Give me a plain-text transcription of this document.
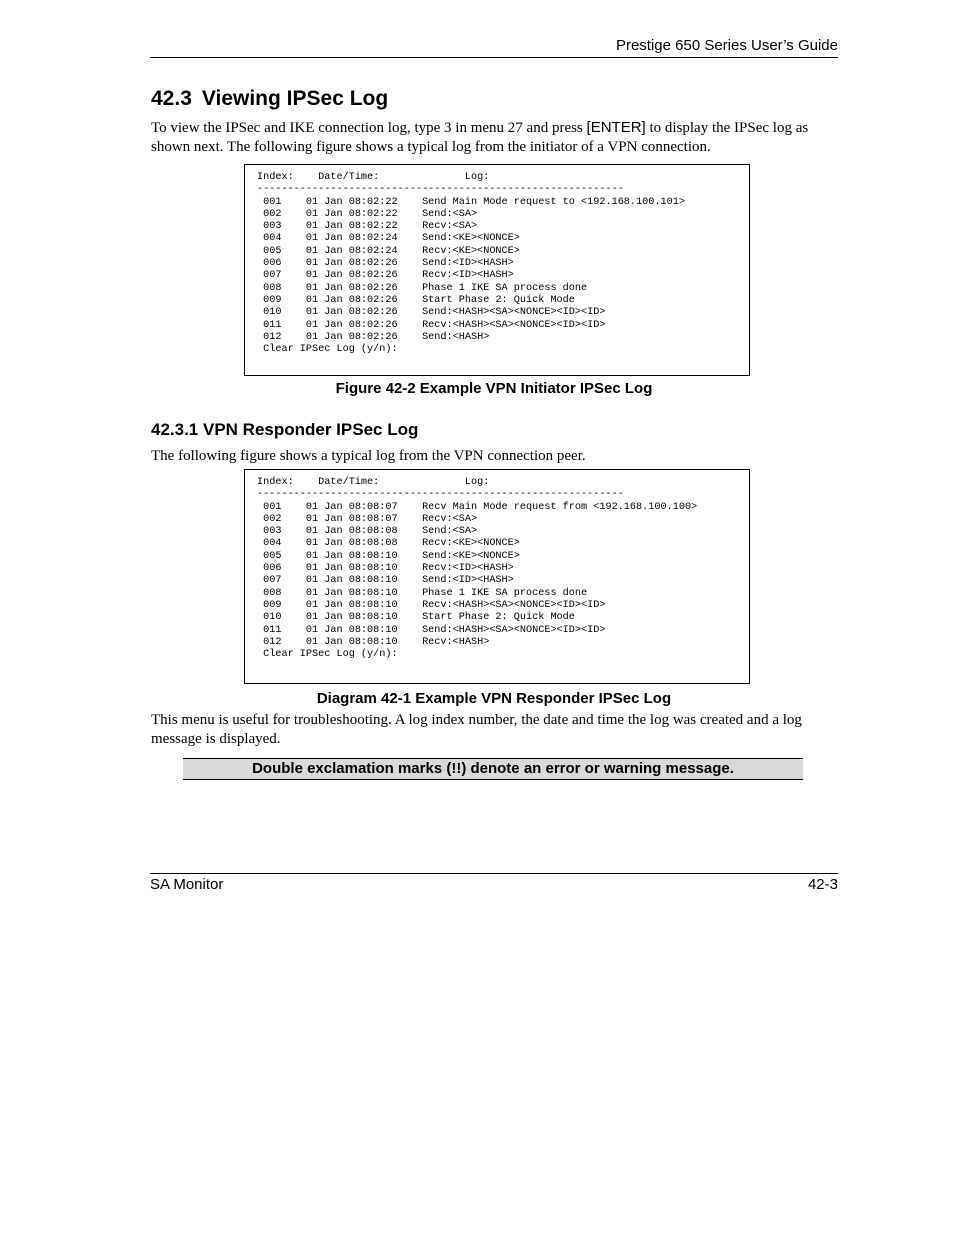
Prestige 650 Series User’s Guide
42.3 Viewing IPSec Log

To view the IPSec and IKE connection log, type 3 in menu 27 and press [ENTER] to display the IPSec log as shown next. The following figure shows a typical log from the initiator of a VPN connection.

Index:    Date/Time:              Log:
------------------------------------------------------------
001    01 Jan 08:02:22    Send Main Mode request to <192.168.100.101>
002    01 Jan 08:02:22    Send:<SA>
003    01 Jan 08:02:22    Recv:<SA>
004    01 Jan 08:02:24    Send:<KE><NONCE>
005    01 Jan 08:02:24    Recv:<KE><NONCE>
006    01 Jan 08:02:26    Send:<ID><HASH>
007    01 Jan 08:02:26    Recv:<ID><HASH>
008    01 Jan 08:02:26    Phase 1 IKE SA process done
009    01 Jan 08:02:26    Start Phase 2: Quick Mode
010    01 Jan 08:02:26    Send:<HASH><SA><NONCE><ID><ID>
011    01 Jan 08:02:26    Recv:<HASH><SA><NONCE><ID><ID>
012    01 Jan 08:02:26    Send:<HASH>
Clear IPSec Log (y/n):
Figure 42-2 Example VPN Initiator IPSec Log
42.3.1 VPN Responder IPSec Log

The following figure shows a typical log from the VPN connection peer.

Index:    Date/Time:              Log:
------------------------------------------------------------
001    01 Jan 08:08:07    Recv Main Mode request from <192.168.100.100>
002    01 Jan 08:08:07    Recv:<SA>
003    01 Jan 08:08:08    Send:<SA>
004    01 Jan 08:08:08    Recv:<KE><NONCE>
005    01 Jan 08:08:10    Send:<KE><NONCE>
006    01 Jan 08:08:10    Recv:<ID><HASH>
007    01 Jan 08:08:10    Send:<ID><HASH>
008    01 Jan 08:08:10    Phase 1 IKE SA process done
009    01 Jan 08:08:10    Recv:<HASH><SA><NONCE><ID><ID>
010    01 Jan 08:08:10    Start Phase 2: Quick Mode
011    01 Jan 08:08:10    Send:<HASH><SA><NONCE><ID><ID>
012    01 Jan 08:08:10    Recv:<HASH>
Clear IPSec Log (y/n):
Diagram 42-1 Example VPN Responder IPSec Log

This menu is useful for troubleshooting. A log index number, the date and time the log was created and a log message is displayed.

Double exclamation marks (!!) denote an error or warning message.
SA Monitor	42-3
